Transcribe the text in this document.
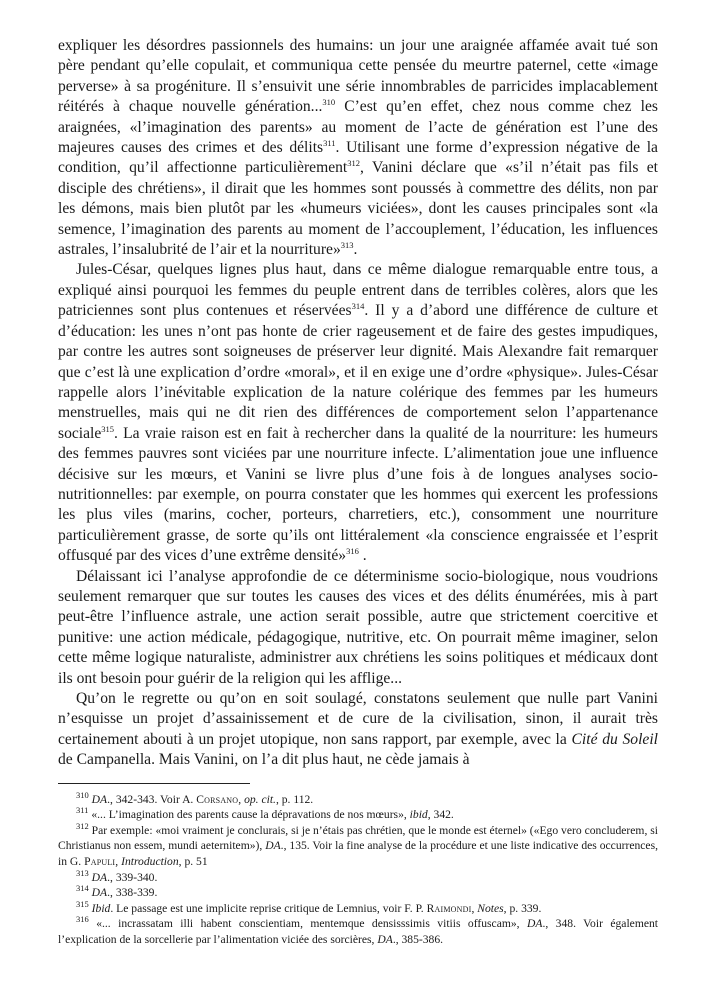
expliquer les désordres passionnels des humains: un jour une araignée affamée avait tué son père pendant qu’elle copulait, et communiqua cette pensée du meurtre paternel, cette «image perverse» à sa progéniture. Il s’ensuivit une série innombrables de parricides implacablement réitérés à chaque nouvelle génération...$^{310}$ C’est qu’en effet, chez nous comme chez les araignées, «l’imagination des parents» au moment de l’acte de génération est l’une des majeures causes des crimes et des délits$^{311}$. Utilisant une forme d’expression négative de la condition, qu’il affectionne particulièrement$^{312}$, Vanini déclare que «s’il n’était pas fils et disciple des chrétiens», il dirait que les hommes sont poussés à commettre des délits, non par les démons, mais bien plutôt par les «humeurs viciées», dont les causes principales sont «la semence, l’imagination des parents au moment de l’accouplement, l’éducation, les influences astrales, l’insalubrité de l’air et la nourriture»$^{313}$.

Jules-César, quelques lignes plus haut, dans ce même dialogue remarquable entre tous, a expliqué ainsi pourquoi les femmes du peuple entrent dans de terribles colères, alors que les patriciennes sont plus contenues et réservées$^{314}$. Il y a d’abord une différence de culture et d’éducation: les unes n’ont pas honte de crier rageusement et de faire des gestes impudiques, par contre les autres sont soigneuses de préserver leur dignité. Mais Alexandre fait remarquer que c’est là une explication d’ordre «moral», et il en exige une d’ordre «physique». Jules-César rappelle alors l’inévitable explication de la nature colérique des femmes par les humeurs menstruelles, mais qui ne dit rien des différences de comportement selon l’appartenance sociale$^{315}$. La vraie raison est en fait à rechercher dans la qualité de la nourriture: les humeurs des femmes pauvres sont viciées par une nourriture infecte. L’alimentation joue une influence décisive sur les mœurs, et Vanini se livre plus d’une fois à de longues analyses socio-nutritionnelles: par exemple, on pourra constater que les hommes qui exercent les professions les plus viles (marins, cocher, porteurs, charretiers, etc.), consomment une nourriture particulièrement grasse, de sorte qu’ils ont littéralement «la conscience engraissée et l’esprit offusqué par des vices d’une extrême densité»$^{316}$ .

Délaissant ici l’analyse approfondie de ce déterminisme socio-biologique, nous voudrions seulement remarquer que sur toutes les causes des vices et des délits énumérées, mis à part peut-être l’influence astrale, une action serait possible, autre que strictement coercitive et punitive: une action médicale, pédagogique, nutritive, etc. On pourrait même imaginer, selon cette même logique naturaliste, administrer aux chrétiens les soins politiques et médicaux dont ils ont besoin pour guérir de la religion qui les afflige...

Qu’on le regrette ou qu’on en soit soulagé, constatons seulement que nulle part Vanini n’esquisse un projet d’assainissement et de cure de la civilisation, sinon, il aurait très certainement abouti à un projet utopique, non sans rapport, par exemple, avec la Cité du Soleil de Campanella. Mais Vanini, on l’a dit plus haut, ne cède jamais à

$^{310}$ DA., 342-343. Voir A. Corsano, op. cit., p. 112.

$^{311}$ «... L’imagination des parents cause la dépravations de nos mœurs», ibid, 342.

$^{312}$ Par exemple: «moi vraiment je conclurais, si je n’étais pas chrétien, que le monde est éternel» («Ego vero concluderem, si Christianus non essem, mundi aeternitem»), DA., 135. Voir la fine analyse de la procédure et une liste indicative des occurrences, in G. Papuli, Introduction, p. 51

$^{313}$ DA., 339-340.

$^{314}$ DA., 338-339.

$^{315}$ Ibid. Le passage est une implicite reprise critique de Lemnius, voir F. P. Raimondi, Notes, p. 339.

$^{316}$ «... incrassatam illi habent conscientiam, mentemque densisssimis vitiis offuscam», DA., 348. Voir également l’explication de la sorcellerie par l’alimentation viciée des sorcières, DA., 385-386.
